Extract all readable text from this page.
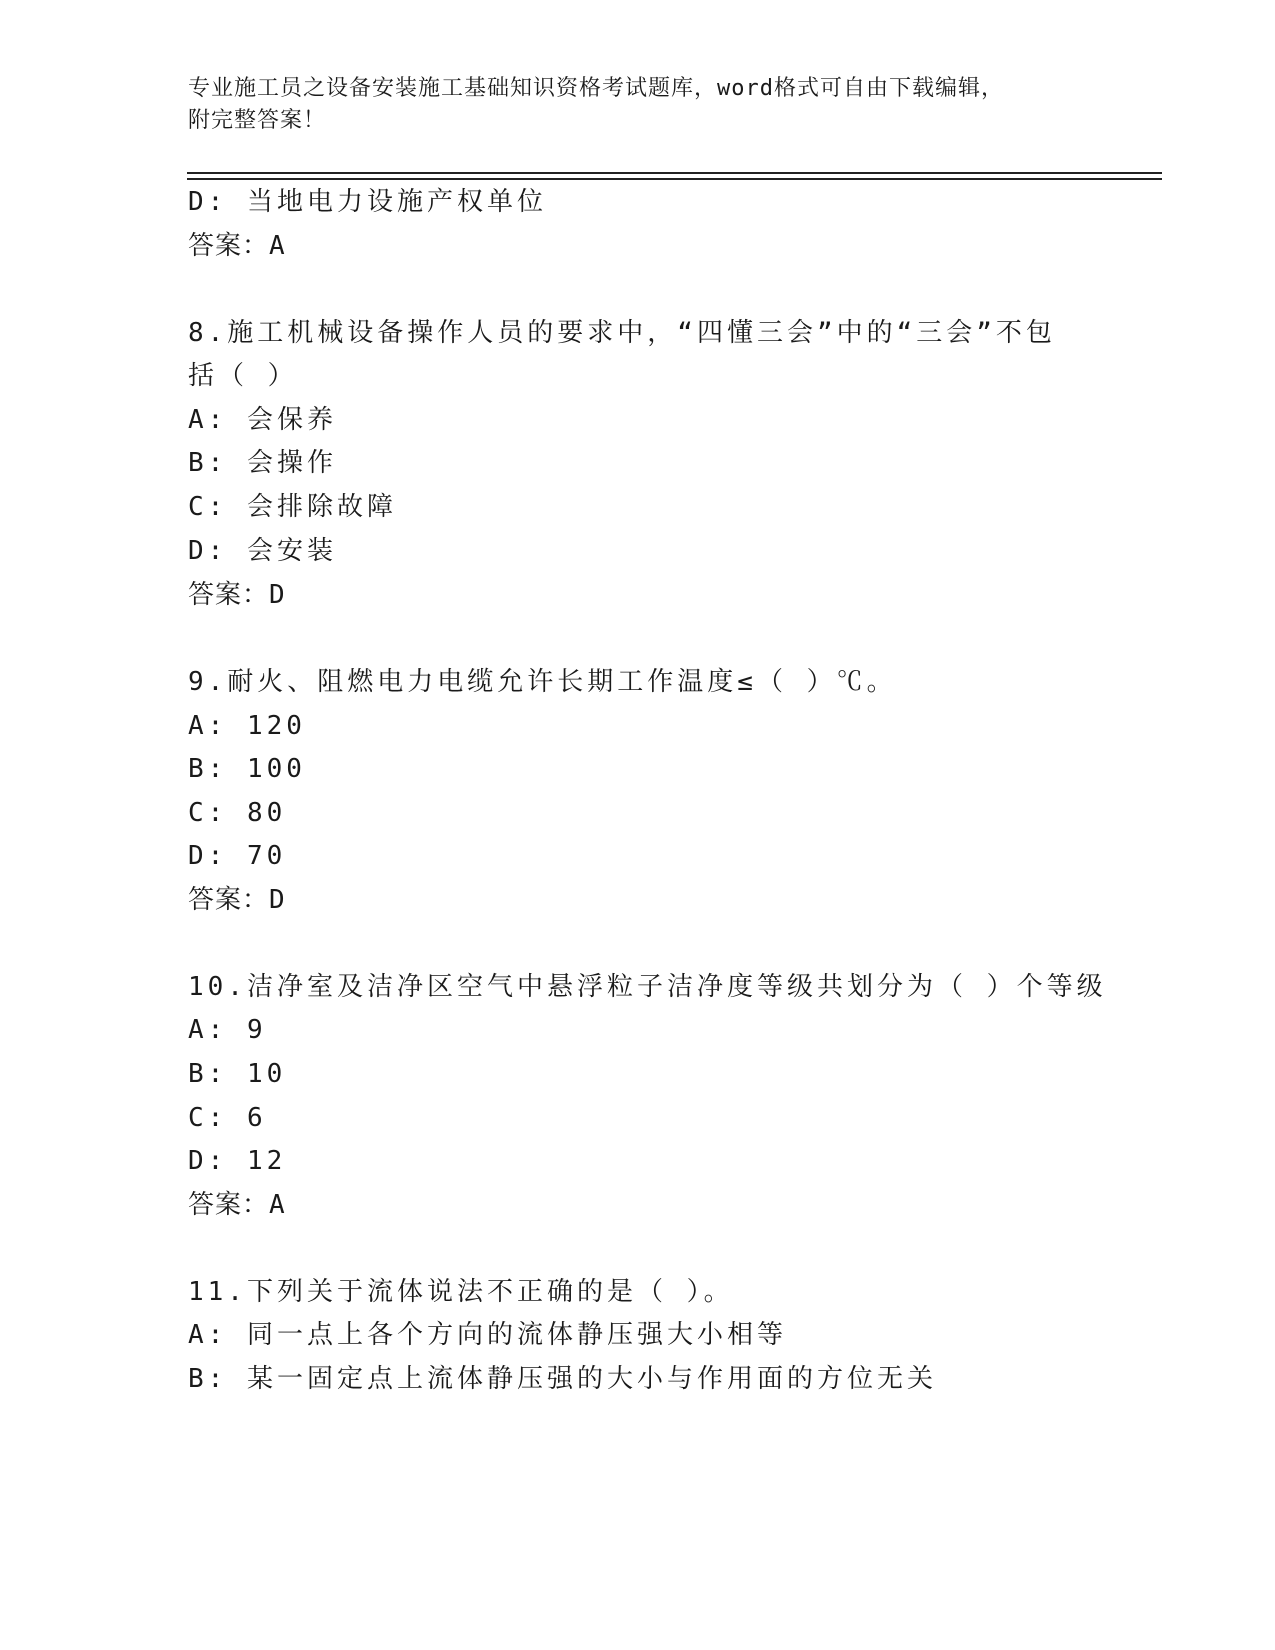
专业施工员之设备安装施工基础知识资格考试题库，word格式可自由下载编辑，
附完整答案！
D: 当地电力设施产权单位
答案：A
8.施工机械设备操作人员的要求中，“四懂三会”中的“三会”不包
括（ ）
A: 会保养
B: 会操作
C: 会排除故障
D: 会安装
答案：D
9.耐火、阻燃电力电缆允许长期工作温度≤（ ）℃。
A: 120
B: 100
C: 80
D: 70
答案：D
10.洁净室及洁净区空气中悬浮粒子洁净度等级共划分为（ ）个等级
A: 9
B: 10
C: 6
D: 12
答案：A
11.下列关于流体说法不正确的是（ ）。
A: 同一点上各个方向的流体静压强大小相等
B: 某一固定点上流体静压强的大小与作用面的方位无关
